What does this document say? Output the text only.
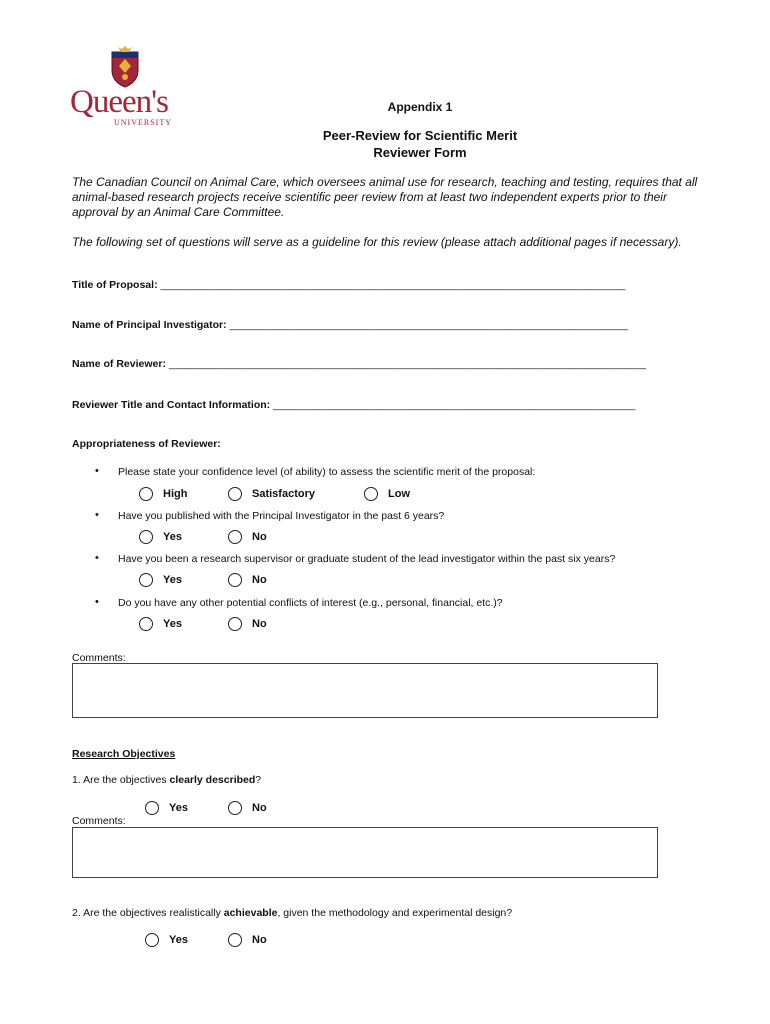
Queen's
UNIVERSITY
Appendix 1
Peer-Review for Scientific Merit
Reviewer Form
The Canadian Council on Animal Care, which oversees animal use for research, teaching and testing, requires that all animal-based research projects receive scientific peer review from at least two independent experts prior to their approval by an Animal Care Committee.
The following set of questions will serve as a guideline for this review (please attach additional pages if necessary).
Title of Proposal: _____________________________________________________________________________
Name of Principal Investigator: __________________________________________________________________
Name of Reviewer: _______________________________________________________________________________
Reviewer Title and Contact Information: ____________________________________________________________
Appropriateness of Reviewer:
• Please state your confidence level (of ability) to assess the scientific merit of the proposal:
High	Satisfactory	Low
• Have you published with the Principal Investigator in the past 6 years?
Yes	No
• Have you been a research supervisor or graduate student of the lead investigator within the past six years?
Yes	No
• Do you have any other potential conflicts of interest (e.g., personal, financial, etc.)?
Yes	No
Comments:
Research Objectives
1. Are the objectives clearly described?
Yes	No
Comments:
2. Are the objectives realistically achievable, given the methodology and experimental design?
Yes	No
